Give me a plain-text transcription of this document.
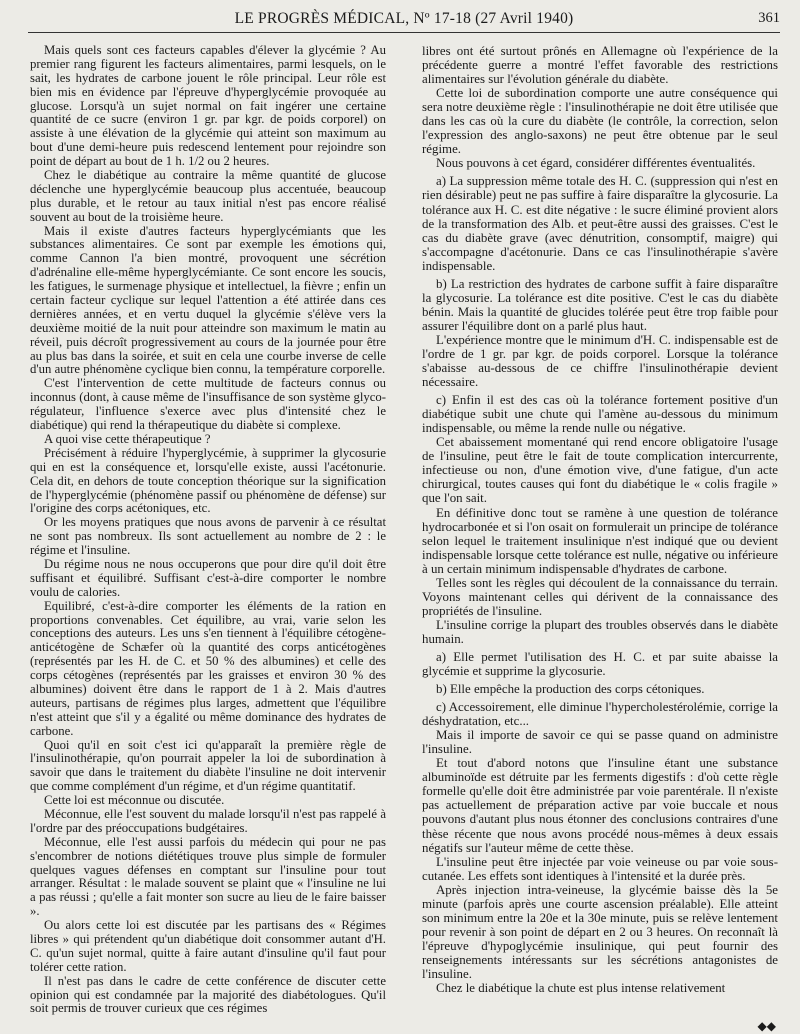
LE PROGRÈS MÉDICAL, Nº 17-18 (27 Avril 1940)	361

Mais quels sont ces facteurs capables d'élever la glycémie ? Au premier rang figurent les facteurs alimentaires, parmi lesquels, on le sait, les hydrates de carbone jouent le rôle principal. Leur rôle est bien mis en évidence par l'épreuve d'hyperglycémie provoquée au glucose. Lorsqu'à un sujet normal on fait ingérer une certaine quantité de ce sucre (environ 1 gr. par kgr. de poids corporel) on assiste à une élévation de la glycémie qui atteint son maximum au bout d'une demi-heure puis redescend lentement pour rejoindre son point de départ au bout de 1 h. 1/2 ou 2 heures.

Chez le diabétique au contraire la même quantité de glucose déclenche une hyperglycémie beaucoup plus accentuée, beaucoup plus durable, et le retour au taux initial n'est pas encore réalisé souvent au bout de la troisième heure.

Mais il existe d'autres facteurs hyperglycémiants que les substances alimentaires. Ce sont par exemple les émotions qui, comme Cannon l'a bien montré, provoquent une sécrétion d'adrénaline elle-même hyperglycémiante. Ce sont encore les soucis, les fatigues, le surmenage physique et intellectuel, la fièvre ; enfin un certain facteur cyclique sur lequel l'attention a été attirée dans ces dernières années, et en vertu duquel la glycémie s'élève vers la deuxième moitié de la nuit pour atteindre son maximum le matin au réveil, puis décroît progressivement au cours de la journée pour être au plus bas dans la soirée, et suit en cela une courbe inverse de celle d'un autre phénomène cyclique bien connu, la température corporelle.

C'est l'intervention de cette multitude de facteurs connus ou inconnus (dont, à cause même de l'insuffisance de son système glyco-régulateur, l'influence s'exerce avec plus d'intensité chez le diabétique) qui rend la thérapeutique du diabète si complexe.

A quoi vise cette thérapeutique ?

Précisément à réduire l'hyperglycémie, à supprimer la glycosurie qui en est la conséquence et, lorsqu'elle existe, aussi l'acétonurie. Cela dit, en dehors de toute conception théorique sur la signification de l'hyperglycémie (phénomène passif ou phénomène de défense) sur l'origine des corps acétoniques, etc.

Or les moyens pratiques que nous avons de parvenir à ce résultat ne sont pas nombreux. Ils sont actuellement au nombre de 2 : le régime et l'insuline.

Du régime nous ne nous occuperons que pour dire qu'il doit être suffisant et équilibré. Suffisant c'est-à-dire comporter le nombre voulu de calories.

Equilibré, c'est-à-dire comporter les éléments de la ration en proportions convenables. Cet équilibre, au vrai, varie selon les conceptions des auteurs. Les uns s'en tiennent à l'équilibre cétogène-anticétogène de Schæfer où la quantité des corps anticétogènes (représentés par les H. de C. et 50 % des albumines) et celle des corps cétogènes (représentés par les graisses et environ 30 % des albumines) doivent être dans le rapport de 1 à 2. Mais d'autres auteurs, partisans de régimes plus larges, admettent que l'équilibre n'est atteint que s'il y a égalité ou même dominance des hydrates de carbone.

Quoi qu'il en soit c'est ici qu'apparaît la première règle de l'insulinothérapie, qu'on pourrait appeler la loi de subordination à savoir que dans le traitement du diabète l'insuline ne doit intervenir que comme complément d'un régime, et d'un régime quantitatif.

Cette loi est méconnue ou discutée.

Méconnue, elle l'est souvent du malade lorsqu'il n'est pas rappelé à l'ordre par des préoccupations budgétaires.

Méconnue, elle l'est aussi parfois du médecin qui pour ne pas s'encombrer de notions diététiques trouve plus simple de formuler quelques vagues défenses en comptant sur l'insuline pour tout arranger. Résultat : le malade souvent se plaint que « l'insuline ne lui a pas réussi ; qu'elle a fait monter son sucre au lieu de le faire baisser ».

Ou alors cette loi est discutée par les partisans des « Régimes libres » qui prétendent qu'un diabétique doit consommer autant d'H. C. qu'un sujet normal, quitte à faire autant d'insuline qu'il faut pour tolérer cette ration.

Il n'est pas dans le cadre de cette conférence de discuter cette opinion qui est condamnée par la majorité des diabétologues. Qu'il soit permis de trouver curieux que ces régimes

libres ont été surtout prônés en Allemagne où l'expérience de la précédente guerre a montré l'effet favorable des restrictions alimentaires sur l'évolution générale du diabète.

Cette loi de subordination comporte une autre conséquence qui sera notre deuxième règle : l'insulinothérapie ne doit être utilisée que dans les cas où la cure du diabète (le contrôle, la correction, selon l'expression des anglo-saxons) ne peut être obtenue par le seul régime.

Nous pouvons à cet égard, considérer différentes éventualités.

a) La suppression même totale des H. C. (suppression qui n'est en rien désirable) peut ne pas suffire à faire disparaître la glycosurie. La tolérance aux H. C. est dite négative : le sucre éliminé provient alors de la transformation des Alb. et peut-être aussi des graisses. C'est le cas du diabète grave (avec dénutrition, consomptif, maigre) qui s'accompagne d'acétonurie. Dans ce cas l'insulinothérapie s'avère indispensable.

b) La restriction des hydrates de carbone suffit à faire disparaître la glycosurie. La tolérance est dite positive. C'est le cas du diabète bénin. Mais la quantité de glucides tolérée peut être trop faible pour assurer l'équilibre dont on a parlé plus haut.

L'expérience montre que le minimum d'H. C. indispensable est de l'ordre de 1 gr. par kgr. de poids corporel. Lorsque la tolérance s'abaisse au-dessous de ce chiffre l'insulinothérapie devient nécessaire.

c) Enfin il est des cas où la tolérance fortement positive d'un diabétique subit une chute qui l'amène au-dessous du minimum indispensable, ou même la rende nulle ou négative.

Cet abaissement momentané qui rend encore obligatoire l'usage de l'insuline, peut être le fait de toute complication intercurrente, infectieuse ou non, d'une émotion vive, d'une fatigue, d'un acte chirurgical, toutes causes qui font du diabétique le « colis fragile » que l'on sait.

En définitive donc tout se ramène à une question de tolérance hydrocarbonée et si l'on osait on formulerait un principe de tolérance selon lequel le traitement insulinique n'est indiqué que ou devient indispensable lorsque cette tolérance est nulle, négative ou inférieure à un certain minimum indispensable d'hydrates de carbone.

Telles sont les règles qui découlent de la connaissance du terrain. Voyons maintenant celles qui dérivent de la connaissance des propriétés de l'insuline.

L'insuline corrige la plupart des troubles observés dans le diabète humain.

a) Elle permet l'utilisation des H. C. et par suite abaisse la glycémie et supprime la glycosurie.

b) Elle empêche la production des corps cétoniques.

c) Accessoirement, elle diminue l'hypercholestérolémie, corrige la déshydratation, etc...

Mais il importe de savoir ce qui se passe quand on administre l'insuline.

Et tout d'abord notons que l'insuline étant une substance albuminoïde est détruite par les ferments digestifs : d'où cette règle formelle qu'elle doit être administrée par voie parentérale. Il n'existe pas actuellement de préparation active par voie buccale et nous pouvons d'autant plus nous étonner des conclusions contraires d'une thèse récente que nous avons procédé nous-mêmes à deux essais négatifs sur l'auteur même de cette thèse.

L'insuline peut être injectée par voie veineuse ou par voie sous-cutanée. Les effets sont identiques à l'intensité et la durée près.

Après injection intra-veineuse, la glycémie baisse dès la 5e minute (parfois après une courte ascension préalable). Elle atteint son minimum entre la 20e et la 30e minute, puis se relève lentement pour revenir à son point de départ en 2 ou 3 heures. On reconnaît là l'épreuve d'hypoglycémie insulinique, qui peut fournir des renseignements intéressants sur les sécrétions antagonistes de l'insuline.

Chez le diabétique la chute est plus intense relativement

◆◆
